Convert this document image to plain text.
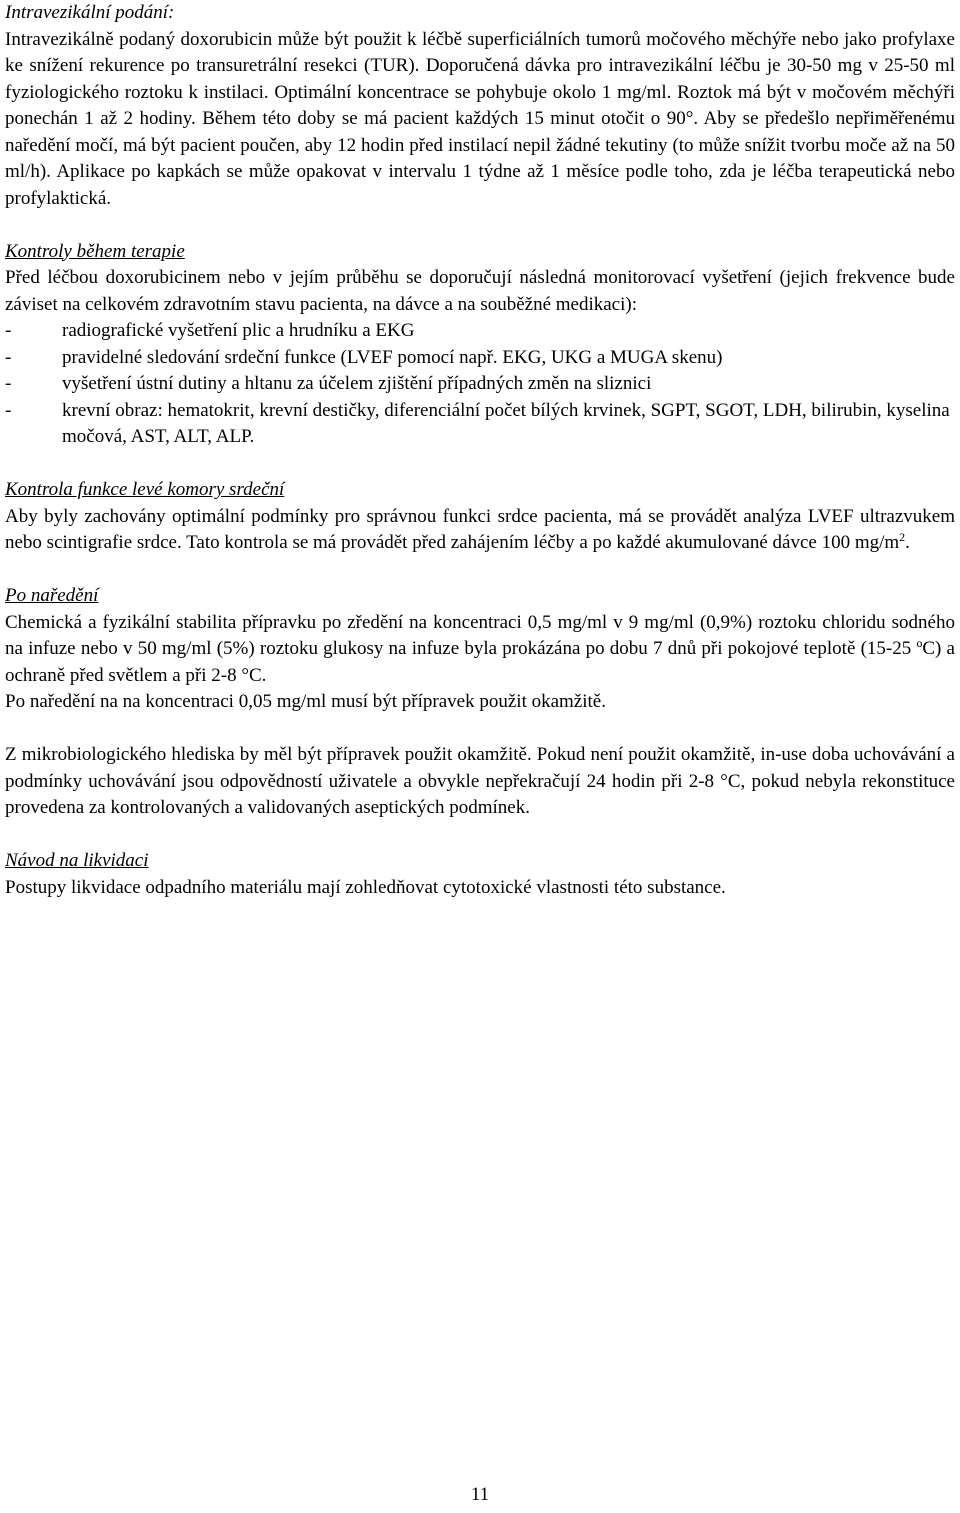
Intravezikální podání:

Intravezikálně podaný doxorubicin může být použit k léčbě superficiálních tumorů močového měchýře nebo jako profylaxe ke snížení rekurence po transuretrální resekci (TUR). Doporučená dávka pro intravezikální léčbu je 30-50 mg v 25-50 ml fyziologického roztoku k instilaci. Optimální koncentrace se pohybuje okolo 1 mg/ml. Roztok má být v močovém měchýři ponechán 1 až 2 hodiny. Během této doby se má pacient každých 15 minut otočit o 90°. Aby se předešlo nepřiměřenému naředění močí, má být pacient poučen, aby 12 hodin před instilací nepil žádné tekutiny (to může snížit tvorbu moče až na 50 ml/h). Aplikace po kapkách se může opakovat v intervalu 1 týdne až 1 měsíce podle toho, zda je léčba terapeutická nebo profylaktická.

Kontroly během terapie

Před léčbou doxorubicinem nebo v jejím průběhu se doporučují následná monitorovací vyšetření (jejich frekvence bude záviset na celkovém zdravotním stavu pacienta, na dávce a na souběžné medikaci):

-	radiografické vyšetření plic a hrudníku a EKG
-	pravidelné sledování srdeční funkce (LVEF pomocí např. EKG, UKG a MUGA skenu)
-	vyšetření ústní dutiny a hltanu za účelem zjištění případných změn na sliznici
-	krevní obraz: hematokrit, krevní destičky, diferenciální počet bílých krvinek, SGPT, SGOT, LDH, bilirubin, kyselina močová, AST, ALT, ALP.

Kontrola funkce levé komory srdeční

Aby byly zachovány optimální podmínky pro správnou funkci srdce pacienta, má se provádět analýza LVEF ultrazvukem nebo scintigrafie srdce. Tato kontrola se má provádět před zahájením léčby a po každé akumulované dávce 100 $mg/m^2$.

Po naředění

Chemická a fyzikální stabilita přípravku po zředění na koncentraci 0,5 mg/ml v 9 mg/ml (0,9%) roztoku chloridu sodného na infuze nebo v 50 mg/ml (5%) roztoku glukosy na infuze byla prokázána po dobu 7 dnů při pokojové teplotě (15-25 ºC) a ochraně před světlem a při 2-8 °C.

Po naředění na na koncentraci 0,05 mg/ml musí být přípravek použit okamžitě.

Z mikrobiologického hlediska by měl být přípravek použit okamžitě. Pokud není použit okamžitě, in-use doba uchovávání a podmínky uchovávání jsou odpovědností uživatele a obvykle nepřekračují 24 hodin při 2-8 °C, pokud nebyla rekonstituce provedena za kontrolovaných a validovaných aseptických podmínek.

Návod na likvidaci

Postupy likvidace odpadního materiálu mají zohledňovat cytotoxické vlastnosti této substance.

11
